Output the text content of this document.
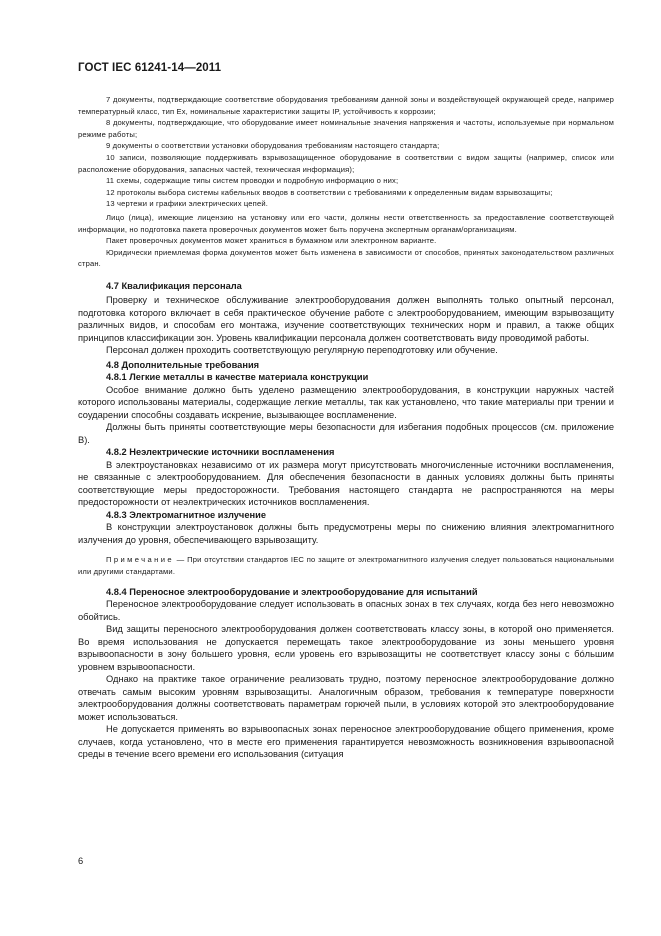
ГОСТ IEC 61241-14—2011

7 документы, подтверждающие соответствие оборудования требованиям данной зоны и воздействующей окружающей среде, например температурный класс, тип Ex, номинальные характеристики защиты IP, устойчивость к коррозии;

8 документы, подтверждающие, что оборудование имеет номинальные значения напряжения и частоты, используемые при нормальном режиме работы;

9 документы о соответствии установки оборудования требованиям настоящего стандарта;

10 записи, позволяющие поддерживать взрывозащищенное оборудование в соответствии с видом защиты (например, список или расположение оборудования, запасных частей, техническая информация);

11 схемы, содержащие типы систем проводки и подробную информацию о них;

12 протоколы выбора системы кабельных вводов в соответствии с требованиями к определенным видам взрывозащиты;

13 чертежи и графики электрических цепей.

Лицо (лица), имеющие лицензию на установку или его части, должны нести ответственность за предоставление соответствующей информации, но подготовка пакета проверочных документов может быть поручена экспертным органам/организациям.

Пакет проверочных документов может храниться в бумажном или электронном варианте.

Юридически приемлемая форма документов может быть изменена в зависимости от способов, принятых законодательством различных стран.

4.7 Квалификация персонала

Проверку и техническое обслуживание электрооборудования должен выполнять только опытный персонал, подготовка которого включает в себя практическое обучение работе с электрооборудованием, имеющим взрывозащиту различных видов, и способам его монтажа, изучение соответствующих технических норм и правил, а также общих принципов классификации зон. Уровень квалификации персонала должен соответствовать виду проводимой работы.

Персонал должен проходить соответствующую регулярную переподготовку или обучение.

4.8 Дополнительные требования
4.8.1 Легкие металлы в качестве материала конструкции

Особое внимание должно быть уделено размещению электрооборудования, в конструкции наружных частей которого использованы материалы, содержащие легкие металлы, так как установлено, что такие материалы при трении и соударении способны создавать искрение, вызывающее воспламенение.

Должны быть приняты соответствующие меры безопасности для избегания подобных процессов (см. приложение В).

4.8.2 Неэлектрические источники воспламенения

В электроустановках независимо от их размера могут присутствовать многочисленные источники воспламенения, не связанные с электрооборудованием. Для обеспечения безопасности в данных условиях должны быть приняты соответствующие меры предосторожности. Требования настоящего стандарта не распространяются на меры предосторожности от неэлектрических источников воспламенения.

4.8.3 Электромагнитное излучение

В конструкции электроустановок должны быть предусмотрены меры по снижению влияния электромагнитного излучения до уровня, обеспечивающего взрывозащиту.

Примечание — При отсутствии стандартов IEC по защите от электромагнитного излучения следует пользоваться национальными или другими стандартами.
4.8.4 Переносное электрооборудование и электрооборудование для испытаний

Переносное электрооборудование следует использовать в опасных зонах в тех случаях, когда без него невозможно обойтись.

Вид защиты переносного электрооборудования должен соответствовать классу зоны, в которой оно применяется. Во время использования не допускается перемещать такое электрооборудование из зоны меньшего уровня взрывоопасности в зону большего уровня, если уровень его взрывозащиты не соответствует классу зоны с бóльшим уровнем взрывоопасности.

Однако на практике такое ограничение реализовать трудно, поэтому переносное электрооборудование должно отвечать самым высоким уровням взрывозащиты. Аналогичным образом, требования к температуре поверхности электрооборудования должны соответствовать параметрам горючей пыли, в условиях которой это электрооборудование может использоваться.

Не допускается применять во взрывоопасных зонах переносное электрооборудование общего применения, кроме случаев, когда установлено, что в месте его применения гарантируется невозможность возникновения взрывоопасной среды в течение всего времени его использования (ситуация

6
